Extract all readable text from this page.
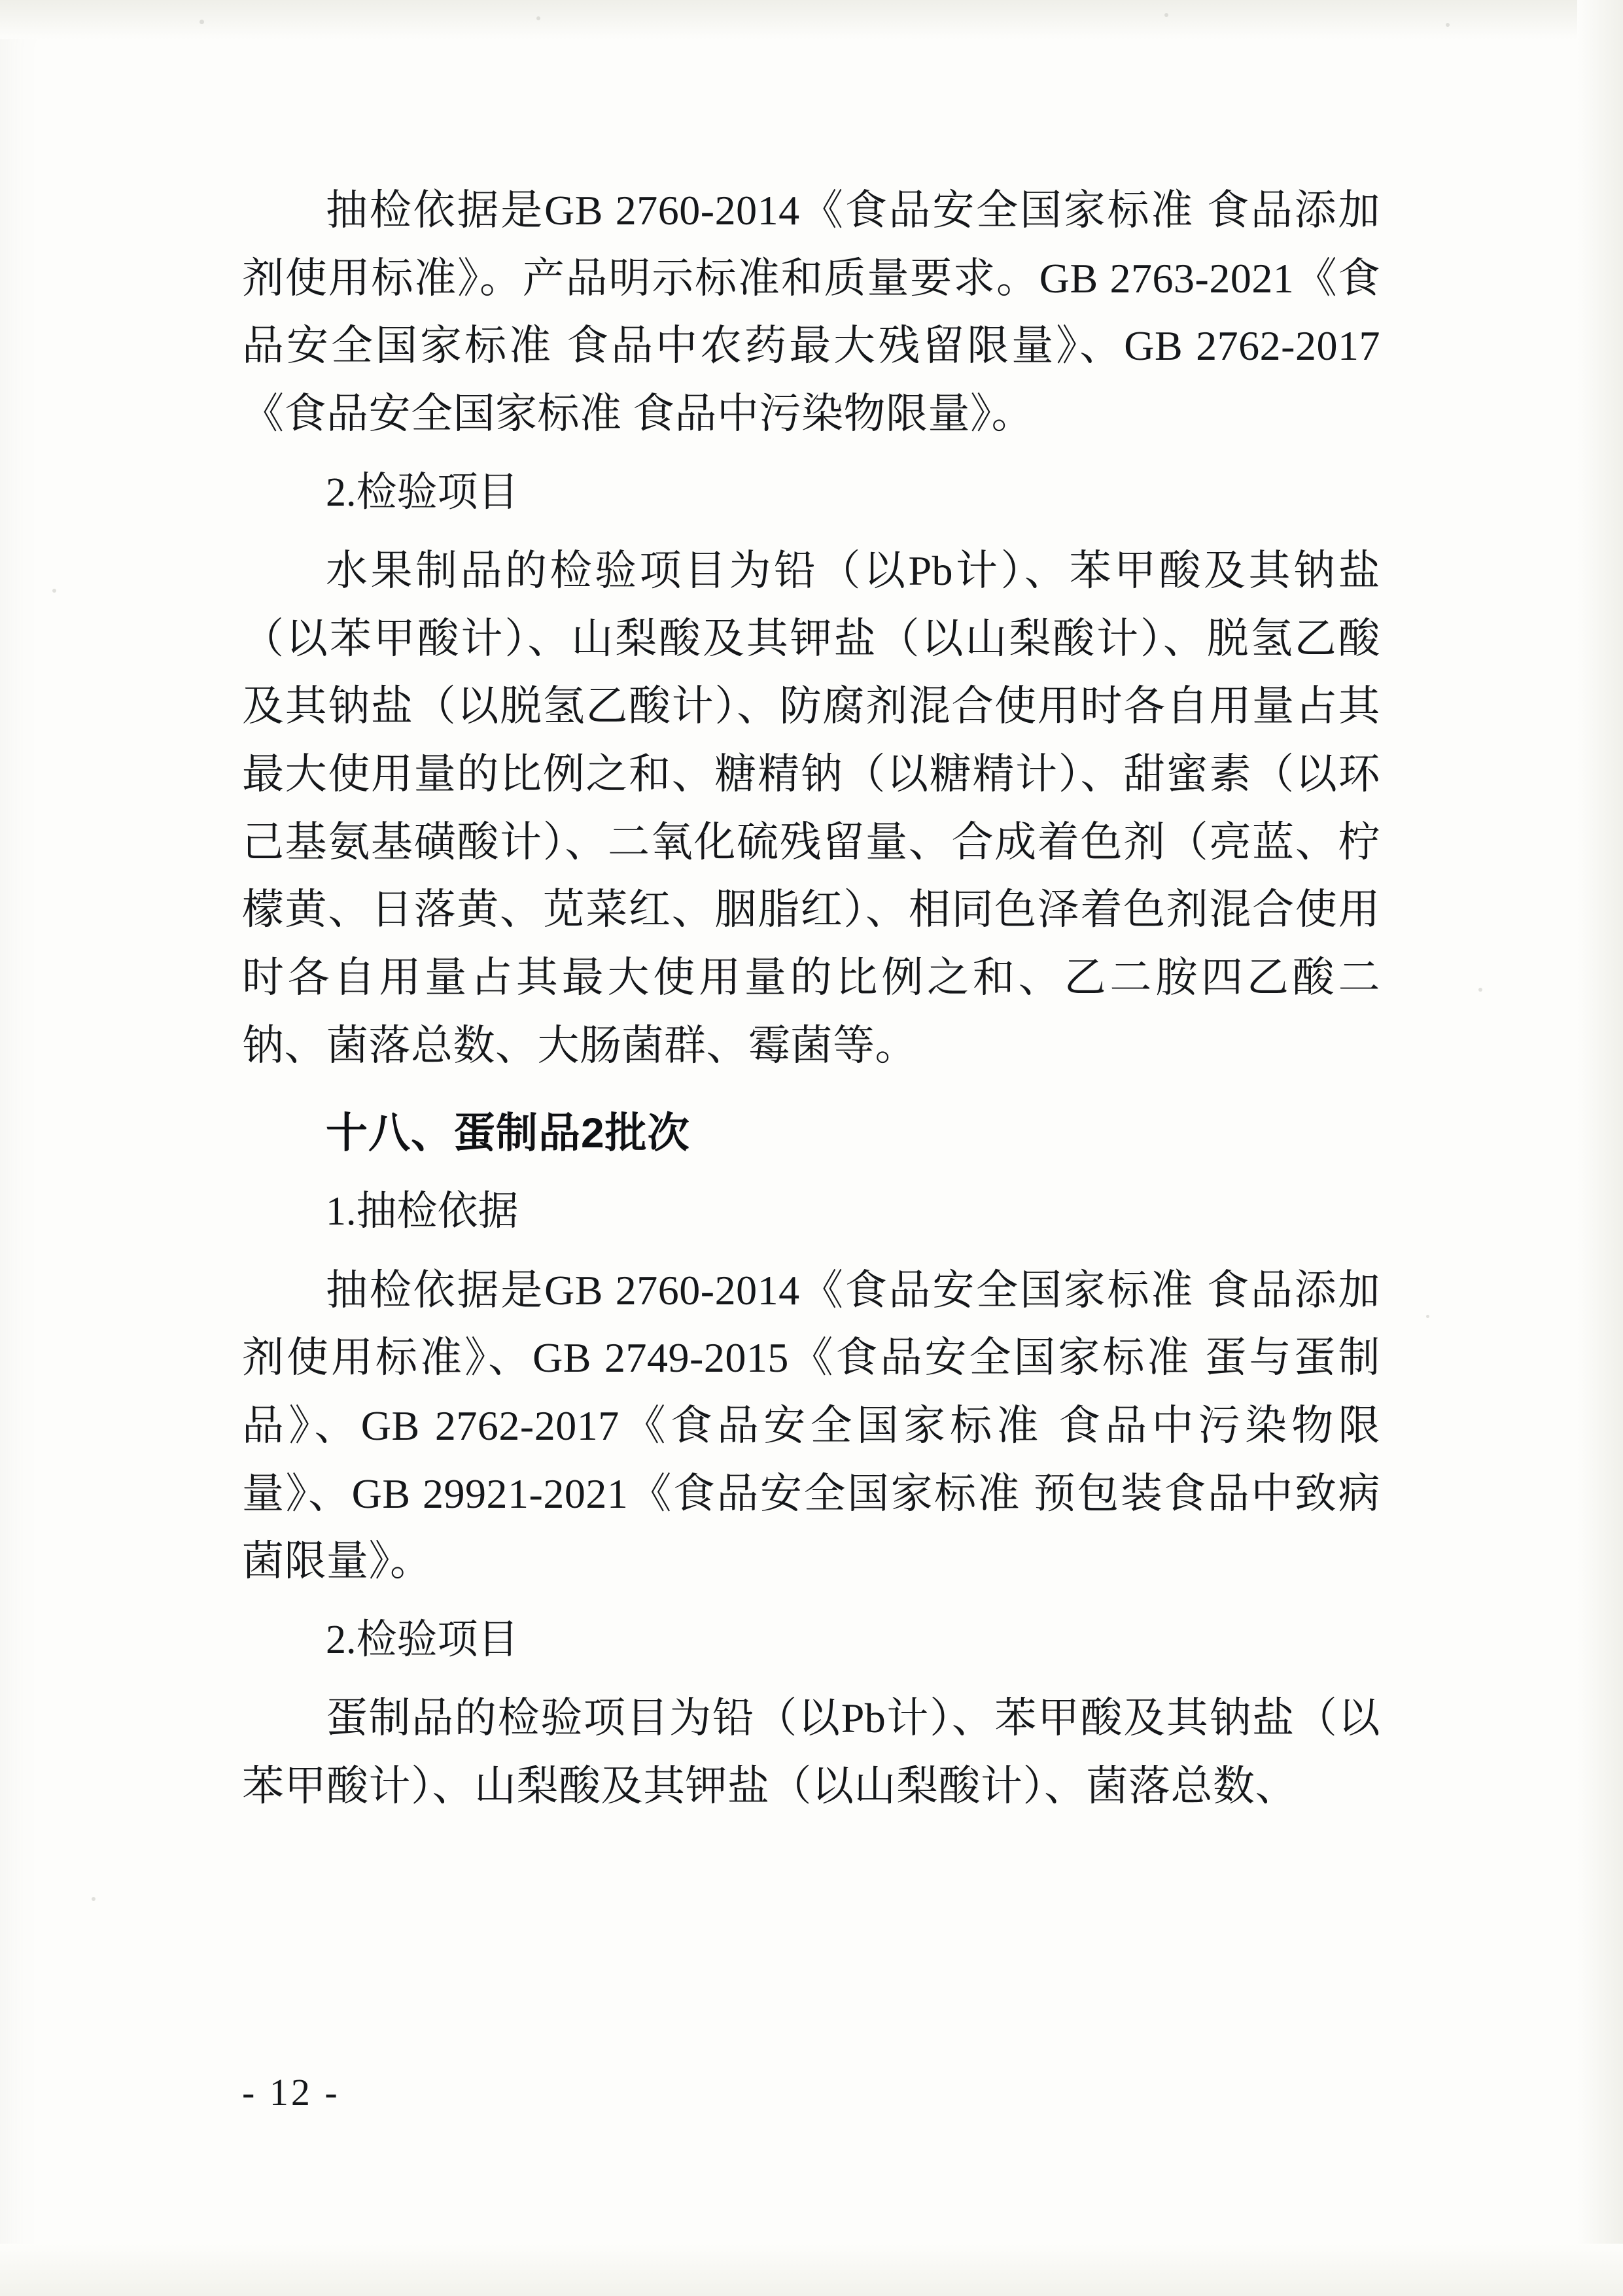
抽检依据是GB 2760-2014《食品安全国家标准 食品添加剂使用标准》。产品明示标准和质量要求。GB 2763-2021《食品安全国家标准 食品中农药最大残留限量》、GB 2762-2017《食品安全国家标准 食品中污染物限量》。

2.检验项目

水果制品的检验项目为铅（以Pb计）、苯甲酸及其钠盐（以苯甲酸计）、山梨酸及其钾盐（以山梨酸计）、脱氢乙酸及其钠盐（以脱氢乙酸计）、防腐剂混合使用时各自用量占其最大使用量的比例之和、糖精钠（以糖精计）、甜蜜素（以环己基氨基磺酸计）、二氧化硫残留量、合成着色剂（亮蓝、柠檬黄、日落黄、苋菜红、胭脂红）、相同色泽着色剂混合使用时各自用量占其最大使用量的比例之和、乙二胺四乙酸二钠、菌落总数、大肠菌群、霉菌等。

十八、蛋制品2批次

1.抽检依据

抽检依据是GB 2760-2014《食品安全国家标准 食品添加剂使用标准》、GB 2749-2015《食品安全国家标准 蛋与蛋制品》、GB 2762-2017《食品安全国家标准 食品中污染物限量》、GB 29921-2021《食品安全国家标准 预包装食品中致病菌限量》。

2.检验项目

蛋制品的检验项目为铅（以Pb计）、苯甲酸及其钠盐（以苯甲酸计）、山梨酸及其钾盐（以山梨酸计）、菌落总数、

- 12 -
